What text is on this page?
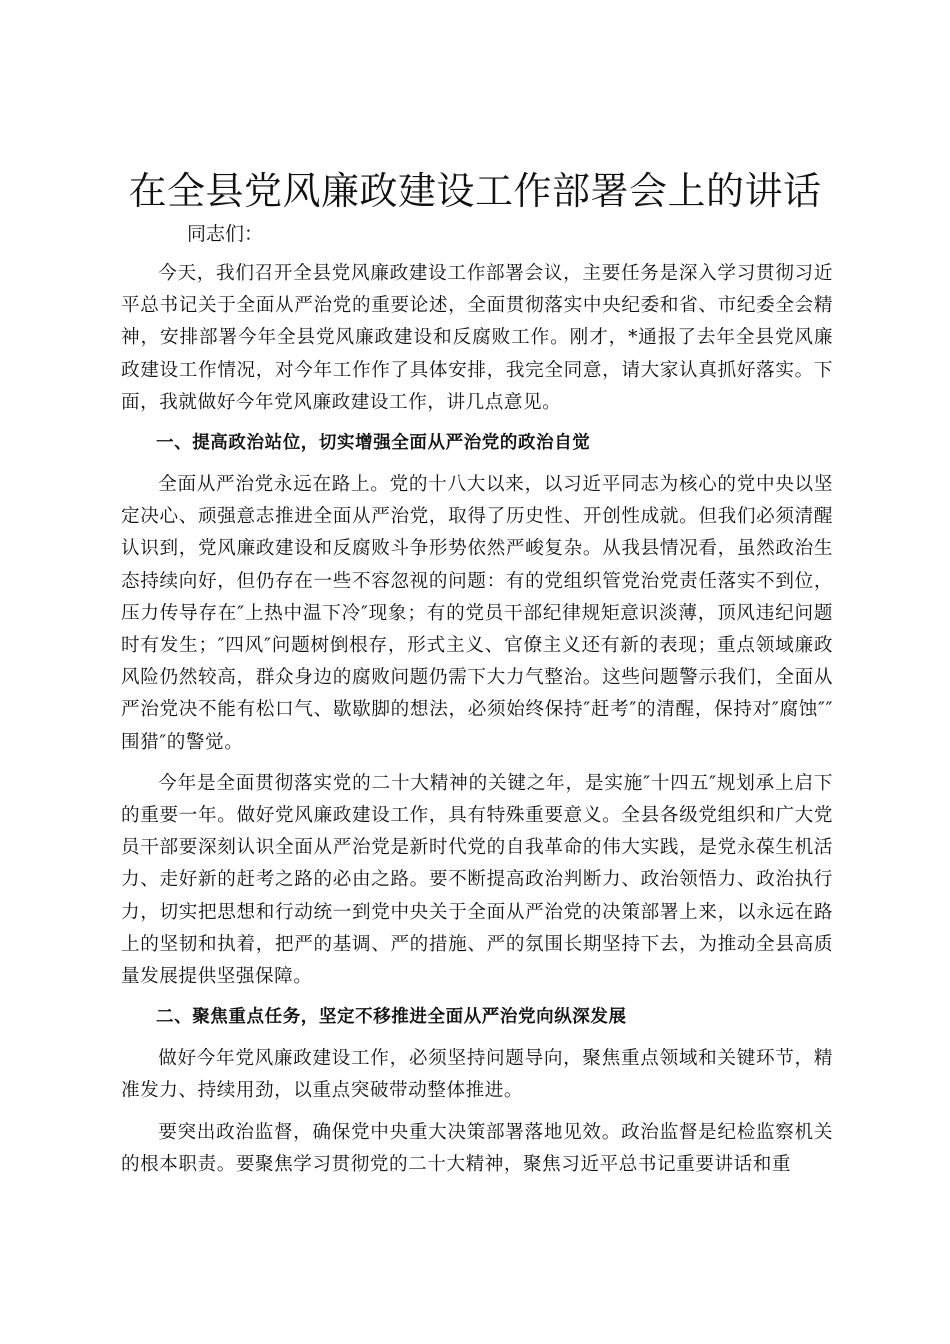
在全县党风廉政建设工作部署会上的讲话

同志们：

今天，我们召开全县党风廉政建设工作部署会议，主要任务是深入学习贯彻习近平总书记关于全面从严治党的重要论述，全面贯彻落实中央纪委和省、市纪委全会精神，安排部署今年全县党风廉政建设和反腐败工作。刚才，*通报了去年全县党风廉政建设工作情况，对今年工作作了具体安排，我完全同意，请大家认真抓好落实。下面，我就做好今年党风廉政建设工作，讲几点意见。

一、提高政治站位，切实增强全面从严治党的政治自觉

全面从严治党永远在路上。党的十八大以来，以习近平同志为核心的党中央以坚定决心、顽强意志推进全面从严治党，取得了历史性、开创性成就。但我们必须清醒认识到，党风廉政建设和反腐败斗争形势依然严峻复杂。从我县情况看，虽然政治生态持续向好，但仍存在一些不容忽视的问题：有的党组织管党治党责任落实不到位，压力传导存在″上热中温下冷″现象；有的党员干部纪律规矩意识淡薄，顶风违纪问题时有发生；″四风″问题树倒根存，形式主义、官僚主义还有新的表现；重点领域廉政风险仍然较高，群众身边的腐败问题仍需下大力气整治。这些问题警示我们，全面从严治党决不能有松口气、歇歇脚的想法，必须始终保持″赶考″的清醒，保持对″腐蚀″″围猎″的警觉。

今年是全面贯彻落实党的二十大精神的关键之年，是实施″十四五″规划承上启下的重要一年。做好党风廉政建设工作，具有特殊重要意义。全县各级党组织和广大党员干部要深刻认识全面从严治党是新时代党的自我革命的伟大实践，是党永葆生机活力、走好新的赶考之路的必由之路。要不断提高政治判断力、政治领悟力、政治执行力，切实把思想和行动统一到党中央关于全面从严治党的决策部署上来，以永远在路上的坚韧和执着，把严的基调、严的措施、严的氛围长期坚持下去，为推动全县高质量发展提供坚强保障。

二、聚焦重点任务，坚定不移推进全面从严治党向纵深发展

做好今年党风廉政建设工作，必须坚持问题导向，聚焦重点领域和关键环节，精准发力、持续用劲，以重点突破带动整体推进。

要突出政治监督，确保党中央重大决策部署落地见效。政治监督是纪检监察机关的根本职责。要聚焦学习贯彻党的二十大精神，聚焦习近平总书记重要讲话和重
